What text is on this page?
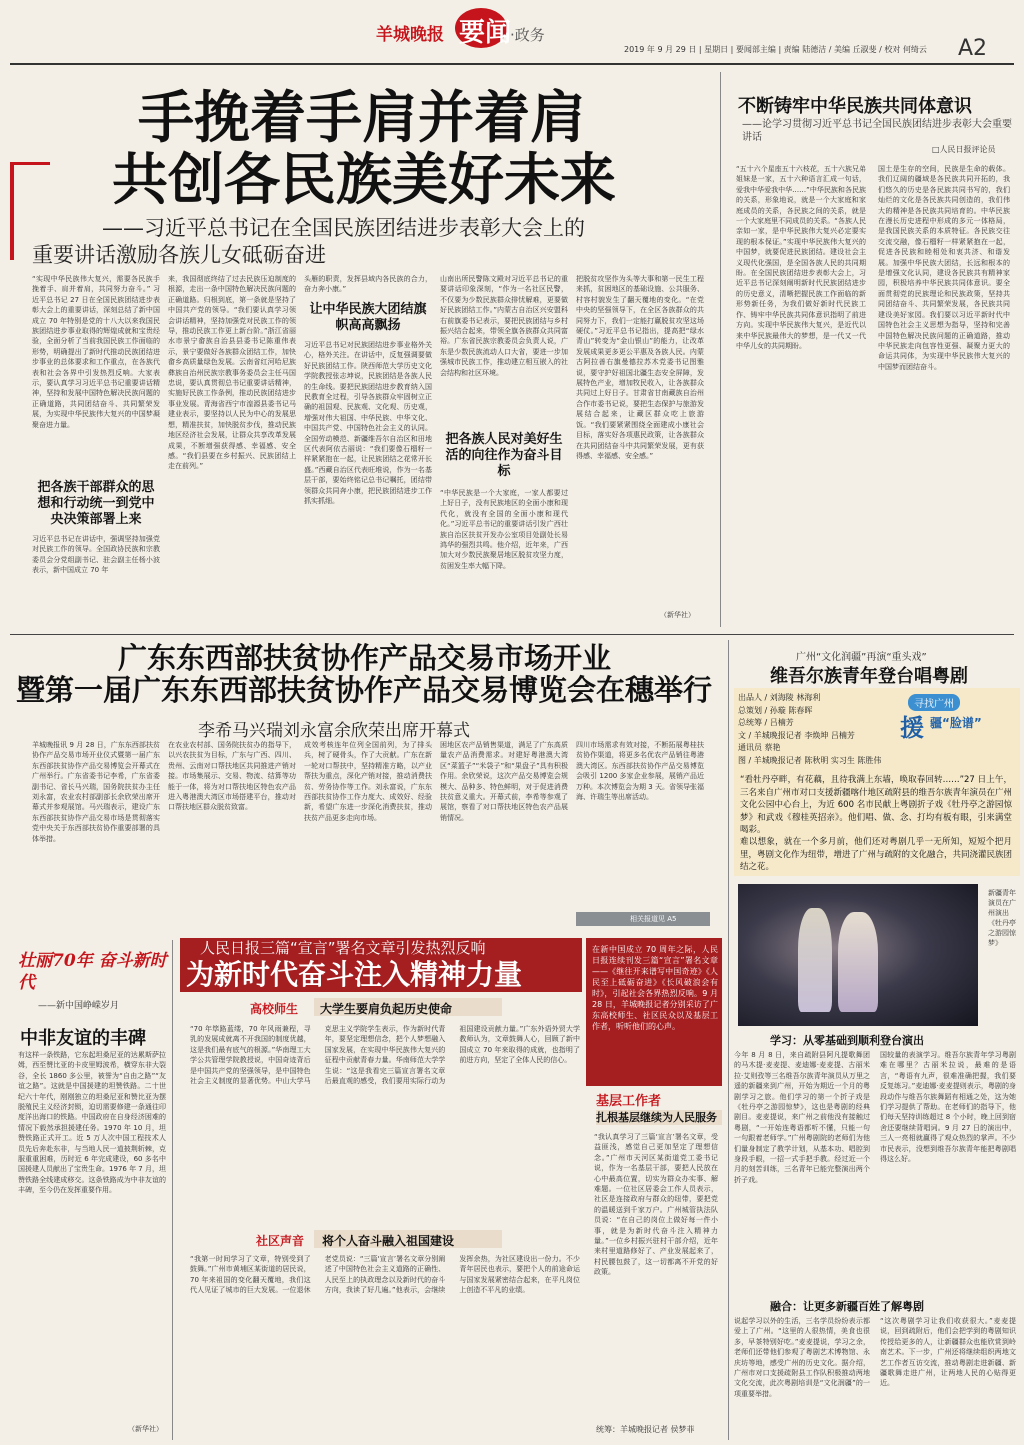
羊城晚报 要闻
·政务
2019 年 9 月 29 日 | 星期日 | 要闻部主编 | 责编 陆德洁 / 美编 丘淑斐 / 校对 何绮云 A2
手挽着手肩并着肩
共创各民族美好未来
——习近平总书记在全国民族团结进步表彰大会上的
重要讲话激励各族儿女砥砺奋进
“实现中华民族伟大复兴，需要各民族手挽着手、肩并着肩，共同努力奋斗。” 习近平总书记 27 日在全国民族团结进步表彰大会上的重要讲话，深刻总结了新中国成立 70 年特别是党的十八大以来我国民族团结进步事业取得的辉煌成就和宝贵经验，全面分析了当前我国民族工作面临的形势，明确提出了新时代推动民族团结进步事业的总体要求和工作重点，在各族代表和社会各界中引发热烈反响。大家表示，要认真学习习近平总书记重要讲话精神，坚持和发展中国特色解决民族问题的正确道路，共同团结奋斗、共同繁荣发展，为实现中华民族伟大复兴的中国梦凝聚奋进力量。
把各族干部群众的思想和行动统一到党中央决策部署上来
习近平总书记在讲话中，强调坚持加强党对民族工作的领导。全国政协民族和宗教委员会分党组副书记、驻会副主任杨小波表示，新中国成立 70 年
来，我国彻底终结了过去民族压迫制度的根源，走出一条中国特色解决民族问题的正确道路。归根到底，第一条就是坚持了中国共产党的领导。“我们要认真学习领会讲话精神，坚持加强党对民族工作的领导，推动民族工作更上新台阶。”浙江省丽水市景宁畲族自治县县委书记陈重伟表示，景宁要做好各族群众团结工作，加快畲乡高质量绿色发展。云南省红河哈尼族彝族自治州民族宗教事务委员会主任马国忠说，要认真贯彻总书记重要讲话精神，实施好民族工作条例，推动民族团结进步事业发展。青海省西宁市湟源县委书记马建业表示，要坚持以人民为中心的发展思想，精准扶贫，加快脱贫步伐，推动民族地区经济社会发展，让群众共享改革发展成果，不断增强获得感、幸福感、安全感。“我们县要在乡村振兴、民族团结上走在前列。”
头雁的职责，发挥县域内各民族的合力，奋力奔小康。”
让中华民族大团结旗帜高高飘扬
习近平总书记对民族团结进步事业格外关心，格外关注。在讲话中，反复强调要做好民族团结工作。陕西师范大学历史文化学院教授张志坤说，民族团结是各族人民的生命线。要把民族团结进步教育纳入国民教育全过程，引导各族群众牢固树立正确的祖国观、民族观、文化观、历史观，增强对伟大祖国、中华民族、中华文化、中国共产党、中国特色社会主义的认同。全国劳动模范、新疆维吾尔自治区和田地区代表阿依古丽说：“我们要像石榴籽一样紧紧抱在一起，让民族团结之花常开长盛。”西藏自治区代表旺堆说，作为一名基层干部，要始终铭记总书记嘱托，团结带领群众共同奔小康，把民族团结进步工作抓实抓细。
山南出所民警陈文殿对习近平总书记的重要讲话印象深刻，“作为一名社区民警，不仅要为少数民族群众排忧解难，更要做好民族团结工作。”内蒙古自治区兴安盟科右前旗委书记表示，要把民族团结与乡村振兴结合起来，带领全旗各族群众共同富裕。广东省民族宗教委员会负责人说，广东是少数民族流动人口大省，要进一步加强城市民族工作，推动建立相互嵌入的社会结构和社区环境。
把各族人民对美好生活的向往作为奋斗目标
“中华民族是一个大家庭，一家人都要过上好日子，没有民族地区的全面小康和现代化，就没有全国的全面小康和现代化。”习近平总书记的重要讲话引发广西壮族自治区扶贫开发办公室项目处副处长易鸿华的强烈共鸣。他介绍，近年来，广西加大对少数民族聚居地区脱贫攻坚力度，贫困发生率大幅下降。
把脱贫攻坚作为头等大事和第一民生工程来抓，贫困地区的基础设施、公共服务、村容村貌发生了翻天覆地的变化。“在党中央的坚强领导下，在全区各族群众的共同努力下，我们一定能打赢脱贫攻坚这场硬仗。”习近平总书记指出，提高把“绿水青山”转变为“金山银山”的能力，让改革发展成果更多更公平惠及各族人民。内蒙古阿拉善右旗曼德拉苏木党委书记图雅说，要守护好祖国北疆生态安全屏障，发展特色产业，增加牧民收入，让各族群众共同过上好日子。甘肃省甘南藏族自治州合作市委书记说，要把生态保护与旅游发展结合起来，让藏区群众吃上旅游饭。“我们要紧紧围绕全面建成小康社会目标，落实好各项惠民政策，让各族群众在共同团结奋斗中共同繁荣发展，更有获得感、幸福感、安全感。”
（新华社）
不断铸牢中华民族共同体意识
——论学习贯彻习近平总书记全国民族团结进步表彰大会重要讲话
□人民日报评论员
“五十六个星座五十六枝花，五十六族兄弟姐妹是一家，五十六种语言汇成一句话，爱我中华爱我中华……”中华民族和各民族的关系，形象地说，就是一个大家庭和家庭成员的关系，各民族之间的关系，就是一个大家庭里不同成员的关系。“各族人民亲如一家，是中华民族伟大复兴必定要实现的根本保证。”实现中华民族伟大复兴的中国梦，就要促进民族团结。建设社会主义现代化强国，是全国各族人民的共同期盼。在全国民族团结进步表彰大会上，习近平总书记深刻阐明新时代民族团结进步的历史意义，清晰把握民族工作面临的新形势新任务，为我们做好新时代民族工作、铸牢中华民族共同体意识指明了前进方向。实现中华民族伟大复兴，是近代以来中华民族最伟大的梦想，是一代又一代中华儿女的共同期盼。
国土是生存的空间，民族是生命的载体。我们辽阔的疆域是各民族共同开拓的，我们悠久的历史是各民族共同书写的，我们灿烂的文化是各民族共同创造的，我们伟大的精神是各民族共同培育的。中华民族在漫长历史进程中形成的多元一体格局，是我国民族关系的本质特征。各民族交往交流交融，像石榴籽一样紧紧抱在一起，促进各民族和睦相处和衷共济、和谐发展。加强中华民族大团结，长远和根本的是增强文化认同，建设各民族共有精神家园，积极培养中华民族共同体意识。要全面贯彻党的民族理论和民族政策，坚持共同团结奋斗、共同繁荣发展，各民族共同建设美好家园。我们要以习近平新时代中国特色社会主义思想为指导，坚持和完善中国特色解决民族问题的正确道路，推动中华民族走向包容性更强、凝聚力更大的命运共同体，为实现中华民族伟大复兴的中国梦而团结奋斗。
广东东西部扶贫协作产品交易市场开业
暨第一届广东东西部扶贫协作产品交易博览会在穗举行
李希马兴瑞刘永富余欣荣出席开幕式
羊城晚报讯 9 月 28 日，广东东西部扶贫协作产品交易市场开业仪式暨第一届广东东西部扶贫协作产品交易博览会开幕式在广州举行。广东省委书记李希，广东省委副书记、省长马兴瑞，国务院扶贫办主任刘永富，农业农村部副部长余欣荣出席开幕式并参观展馆。马兴瑞表示，建设广东东西部扶贫协作产品交易市场是贯彻落实党中央关于东西部扶贫协作重要部署的具体举措。
在农业农村部、国务院扶贫办的指导下，以兴农扶贫为目标，广东与广西、四川、贵州、云南对口帮扶地区共同推进产销对接。市场集展示、交易、物流、结算等功能于一体，将为对口帮扶地区特色农产品进入粤港澳大湾区市场搭建平台，推动对口帮扶地区群众脱贫致富。
成效考核连年位列全国前列，为了排头兵，树了硬骨头，作了大贡献。广东在新一轮对口帮扶中，坚持精准方略，以产业帮扶为重点，深化产销对接，推动消费扶贫、劳务协作等工作。刘永富说，广东东西部扶贫协作工作力度大、成效好、经验新，希望广东进一步深化消费扶贫，推动扶贫产品更多走向市场。
困地区农产品销售渠道，满足了广东高质量农产品消费需求。对建好粤港澳大湾区“菜篮子”“米袋子”和“果盘子”具有积极作用。余欣荣说，这次产品交易博览会规模大、品种多、特色鲜明，对于促进消费扶贫意义重大。开幕式前，李希等参观了展馆，察看了对口帮扶地区特色农产品展销情况。
四川市场需求有效对接，不断拓展粤桂扶贫协作渠道，将更多名优农产品销往粤港澳大湾区。东西部扶贫协作产品交易博览会吸引 1200 多家企业参展，展销产品近万种。本次博览会为期 3 天。省领导张福海、许瑞生等出席活动。
相关报道见 A5
壮丽70年 奋斗新时代
——新中国峥嵘岁月
中非友谊的丰碑
有这样一条铁路，它东起坦桑尼亚的达累斯萨拉姆，西至赞比亚的卡皮里姆波希，横穿东非大裂谷，全长 1860 多公里，被誉为“自由之路”“友谊之路”。这就是中国援建的坦赞铁路。二十世纪六十年代，刚刚独立的坦桑尼亚和赞比亚为摆脱殖民主义经济封锁，迫切需要修建一条通往印度洋出海口的铁路。中国政府在自身经济困难的情况下毅然承担援建任务。1970 年 10 月，坦赞铁路正式开工。近 5 万人次中国工程技术人员先后奔赴东非，与当地人民一道披荆斩棘，克服重重困难，历时近 6 年完成建设，60 多名中国援建人员献出了宝贵生命。1976 年 7 月，坦赞铁路全线建成移交。这条铁路成为中非友谊的丰碑，至今仍在发挥重要作用。
（新华社）
人民日报三篇“宣言”署名文章引发热烈反响
为新时代奋斗注入精神力量
在新中国成立 70 周年之际，人民日报连续刊发三篇“宣言”署名文章——《继往开来谱写中国奇迹》《人民至上砥砺奋进》《长风破浪会有时》，引起社会各界热烈反响。9 月 28 日，羊城晚报记者分别采访了广东高校师生、社区民众以及基层工作者，听听他们的心声。
高校师生 大学生要肩负起历史使命
“70 年筚路蓝缕，70 年风雨兼程，寻乳的发展成就离不开我国的制度优越，这是我们最有底气的根源。”华南理工大学公共管理学院教授说，中国奇迹背后是中国共产党的坚强领导，是中国特色社会主义制度的显著优势。中山大学马克思主义学院学生表示，作为新时代青年，要坚定理想信念，把个人梦想融入国家发展，在实现中华民族伟大复兴的征程中贡献青春力量。华南师范大学学生说：“这是我看完三篇宣言署名文章后最直观的感受，我们要用实际行动为祖国建设贡献力量。”广东外语外贸大学教师认为，文章鼓舞人心，回顾了新中国成立 70 年来取得的成就，也指明了前进方向，坚定了全体人民的信心。
基层工作者
扎根基层继续为人民服务
“我认真学习了三篇‘宣言’署名文章，受益匪浅，感觉自己更加坚定了理想信念。”广州市天河区某街道党工委书记说，作为一名基层干部，要把人民放在心中最高位置，切实为群众办实事、解难题。一位社区居委会工作人员表示，社区是连接政府与群众的纽带，要把党的温暖送到千家万户。广州城管执法队员说：“在自己的岗位上做好每一件小事，就是为新时代奋斗注入精神力量。”一位乡村振兴驻村干部介绍，近年来村里道路修好了、产业发展起来了，村民腰包鼓了，这一切都离不开党的好政策。
社区声音 将个人奋斗融入祖国建设
“我第一时间学习了文章，特别受到了鼓舞。”广州市黄埔区某街道的居民说，70 年来祖国的变化翻天覆地，我们这代人见证了城市的巨大发展。一位退休老党员说：“三篇‘宣言’署名文章分别阐述了中国特色社会主义道路的正确性、人民至上的执政理念以及新时代的奋斗方向，我读了好几遍。”他表示，会继续发挥余热，为社区建设出一份力。不少青年居民也表示，要把个人的前途命运与国家发展紧密结合起来，在平凡岗位上创造不平凡的业绩。
统筹：羊城晚报记者 侯梦菲
广州“文化润疆”再演“重头戏”
维吾尔族青年登台唱粤剧
出品人 / 刘海陵 林海利
总策划 / 孙璇 陈春晖
总统筹 / 吕楠芳
文 / 羊城晚报记者 李焕坤 吕楠芳
通讯员 蔡艳
图 / 羊城晚报记者 陈秋明 实习生 陈胜伟
寻找广州
援 疆“脸谱”
“看牡丹亭畔，有花藕，且待我满上东墙，唤取春回转……”27 日上午，三名来自广州市对口支援新疆喀什地区疏附县的维吾尔族青年演员在广州文化公园中心台上，为近 600 名市民献上粤剧折子戏《牡丹亭之游园惊梦》和武戏《穆桂英招亲》。他们唱、做、念、打均有板有眼，引来满堂喝彩。
难以想象，就在一个多月前，他们还对粤剧几乎一无所知，短短个把月里，粤剧文化作为纽带，增进了广州与疏附的文化融合，共同浇灌民族团结之花。
新疆青年演员在广州演出《牡丹亭之游园惊梦》
学习：从零基础到顺利登台演出
今年 8 月 8 日，来自疏附县阿凡提歌舞团的马木提·麦麦提、麦迪娜·麦麦提、古丽米拉·艾则孜等三名维吾尔族青年演员从万里之遥的新疆来到广州，开始为期近一个月的粤剧学习之旅。他们学习的第一个折子戏是《牡丹亭之游园惊梦》，这也是粤剧的经典剧目。麦麦提说，来广州之前他没有接触过粤剧，“一开始连粤语都听不懂，只能一句一句跟着老师学。”广州粤剧院的老师们为他们量身制定了教学计划，从基本功、唱腔到身段手眼，一招一式手把手教。经过近一个月的刻苦训练，三名青年已能完整演出两个折子戏。
国较量的表演学习。维吾尔族青年学习粤剧难在哪里？古丽米拉说，最难的是语言，“粤语有九声，很难准确把握，我们要反复练习。”麦迪娜·麦麦提则表示，粤剧的身段动作与维吾尔族舞蹈有相通之处，这为她们学习提供了帮助。在老师们的指导下，他们每天坚持训练超过 8 个小时，晚上回到宿舍还要继续背唱词。9 月 27 日的演出中，三人一亮相就赢得了观众热烈的掌声。不少市民表示，没想到维吾尔族青年能把粤剧唱得这么好。
融合：让更多新疆百姓了解粤剧
说起学习以外的生活，三名学员纷纷表示都爱上了广州。“这里的人很热情，美食也很多，早茶特别好吃。”麦麦提说，学习之余，老师们还带他们参观了粤剧艺术博物馆、永庆坊等地，感受广州的历史文化。据介绍，广州市对口支援疏附县工作队积极推动两地文化交流，此次粤剧培训是“文化润疆”的一项重要举措。
“这次粤剧学习让我们收获很大。”麦麦提说，回到疏附后，他们会把学到的粤剧知识传授给更多的人，让新疆群众也能欣赏到岭南艺术。下一步，广州还将继续组织两地文艺工作者互访交流，推动粤剧走进新疆、新疆歌舞走进广州，让两地人民的心贴得更近。
